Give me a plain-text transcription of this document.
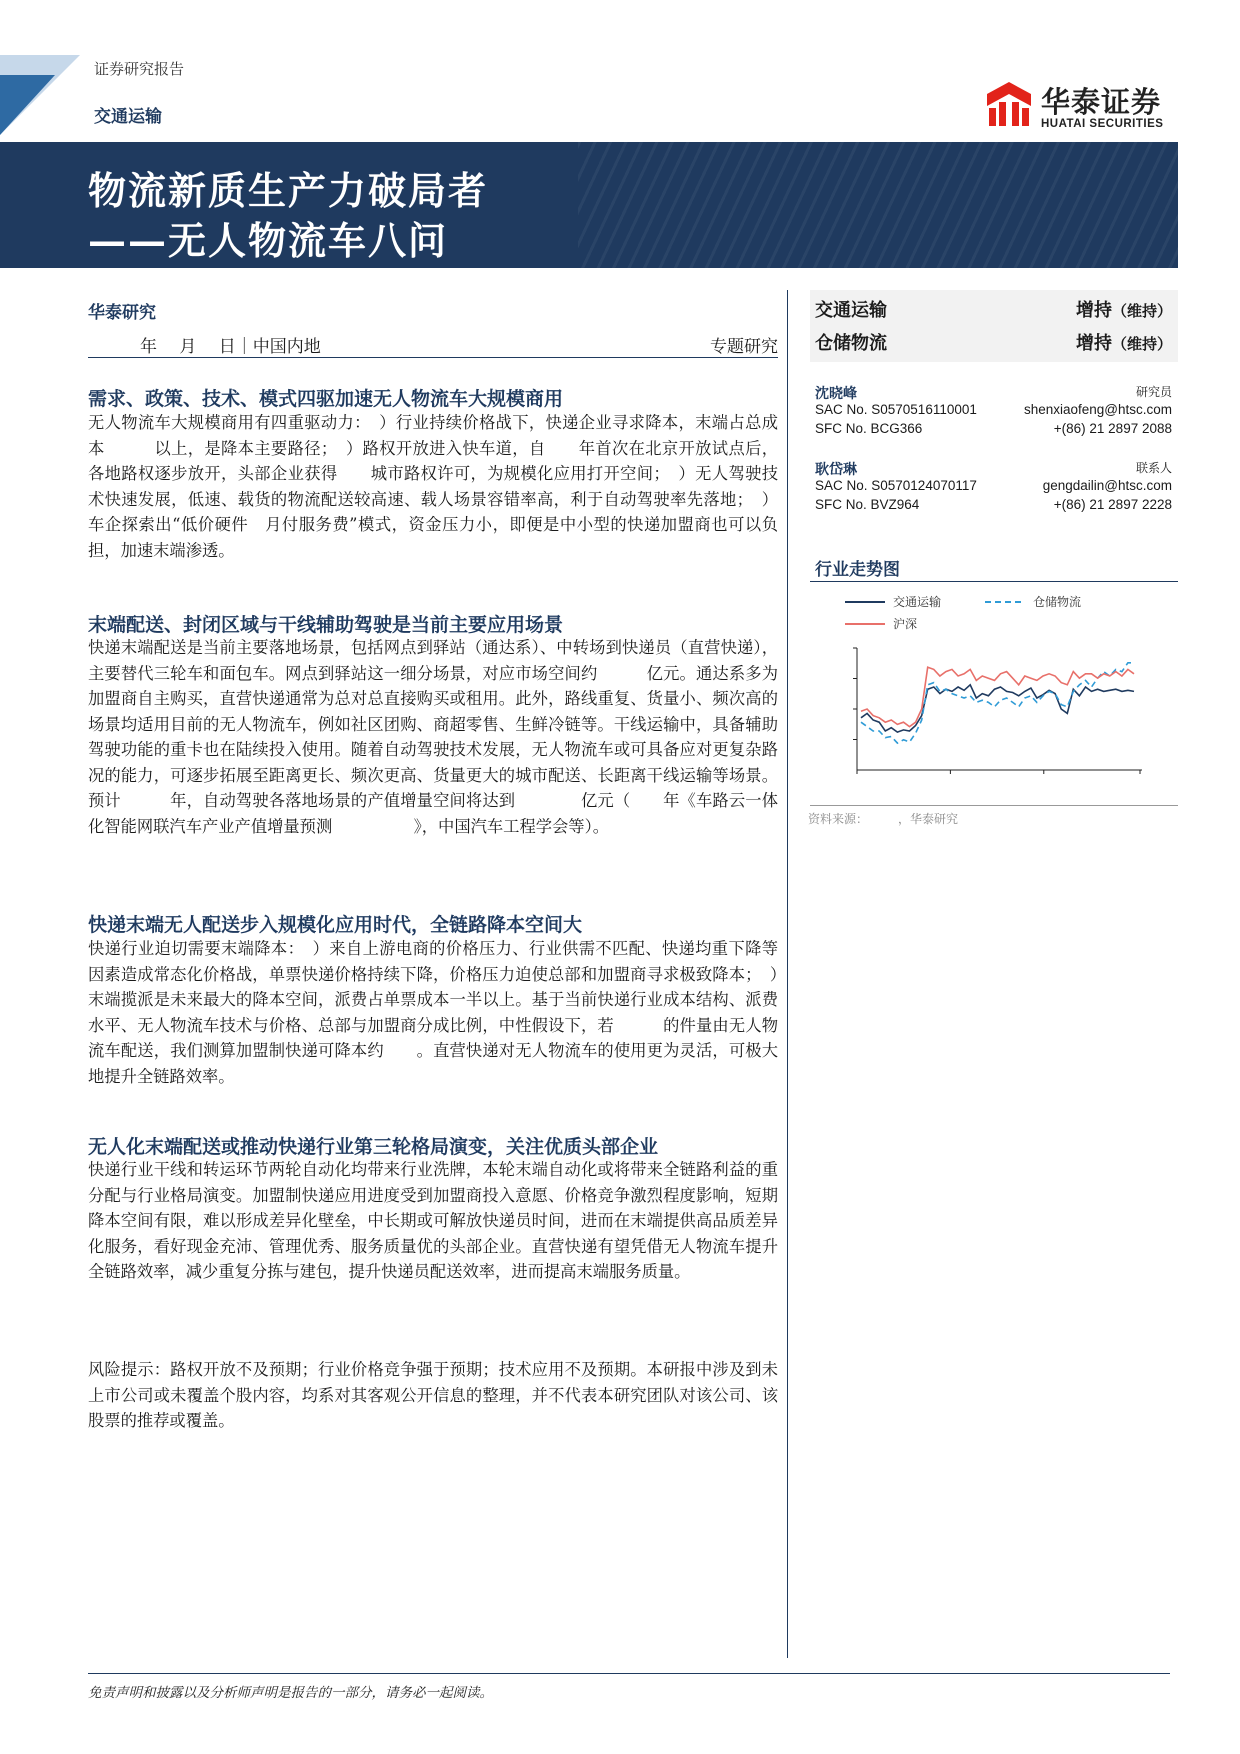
证券研究报告
交通运输	华泰证券
HUATAI SECURITIES
物流新质生产力破局者
——无人物流车八问
华泰研究
年　 月　 日｜中国内地	专题研究
需求、政策、技术、模式四驱加速无人物流车大规模商用
无人物流车大规模商用有四重驱动力：　）行业持续价格战下，快递企业寻求降本，末端占总成本　　　以上，是降本主要路径；　）路权开放进入快车道，自　　年首次在北京开放试点后，各地路权逐步放开，头部企业获得　　城市路权许可，为规模化应用打开空间；　）无人驾驶技术快速发展，低速、载货的物流配送较高速、载人场景容错率高，利于自动驾驶率先落地；　）车企探索出“低价硬件　月付服务费”模式，资金压力小，即便是中小型的快递加盟商也可以负担，加速末端渗透。
末端配送、封闭区域与干线辅助驾驶是当前主要应用场景
快递末端配送是当前主要落地场景，包括网点到驿站（通达系）、中转场到快递员（直营快递），主要替代三轮车和面包车。网点到驿站这一细分场景，对应市场空间约　　　亿元。通达系多为加盟商自主购买，直营快递通常为总对总直接购买或租用。此外，路线重复、货量小、频次高的场景均适用目前的无人物流车，例如社区团购、商超零售、生鲜冷链等。干线运输中，具备辅助驾驶功能的重卡也在陆续投入使用。随着自动驾驶技术发展，无人物流车或可具备应对更复杂路况的能力，可逐步拓展至距离更长、频次更高、货量更大的城市配送、长距离干线运输等场景。预计　　　年，自动驾驶各落地场景的产值增量空间将达到　　　　亿元（　　年《车路云一体化智能网联汽车产业产值增量预测　　　　　》，中国汽车工程学会等）。
快递末端无人配送步入规模化应用时代，全链路降本空间大
快递行业迫切需要末端降本：　）来自上游电商的价格压力、行业供需不匹配、快递均重下降等因素造成常态化价格战，单票快递价格持续下降，价格压力迫使总部和加盟商寻求极致降本；　）末端揽派是未来最大的降本空间，派费占单票成本一半以上。基于当前快递行业成本结构、派费水平、无人物流车技术与价格、总部与加盟商分成比例，中性假设下，若　　　的件量由无人物流车配送，我们测算加盟制快递可降本约　　。直营快递对无人物流车的使用更为灵活，可极大地提升全链路效率。
无人化末端配送或推动快递行业第三轮格局演变，关注优质头部企业
快递行业干线和转运环节两轮自动化均带来行业洗牌，本轮末端自动化或将带来全链路利益的重分配与行业格局演变。加盟制快递应用进度受到加盟商投入意愿、价格竞争激烈程度影响，短期降本空间有限，难以形成差异化壁垒，中长期或可解放快递员时间，进而在末端提供高品质差异化服务，看好现金充沛、管理优秀、服务质量优的头部企业。直营快递有望凭借无人物流车提升全链路效率，减少重复分拣与建包，提升快递员配送效率，进而提高末端服务质量。
风险提示：路权开放不及预期；行业价格竞争强于预期；技术应用不及预期。本研报中涉及到未上市公司或未覆盖个股内容，均系对其客观公开信息的整理，并不代表本研究团队对该公司、该股票的推荐或覆盖。
交通运输	增持（维持）
仓储物流	增持（维持）
沈晓峰	研究员
SAC No. S0570516110001	shenxiaofeng@htsc.com
SFC No. BCG366	+(86) 21 2897 2088
耿岱琳	联系人
SAC No. S0570124070117	gengdailin@htsc.com
SFC No. BVZ964	+(86) 21 2897 2228
行业走势图
交通运输	仓储物流
沪深
资料来源：　　　，华泰研究
免责声明和披露以及分析师声明是报告的一部分，请务必一起阅读。
